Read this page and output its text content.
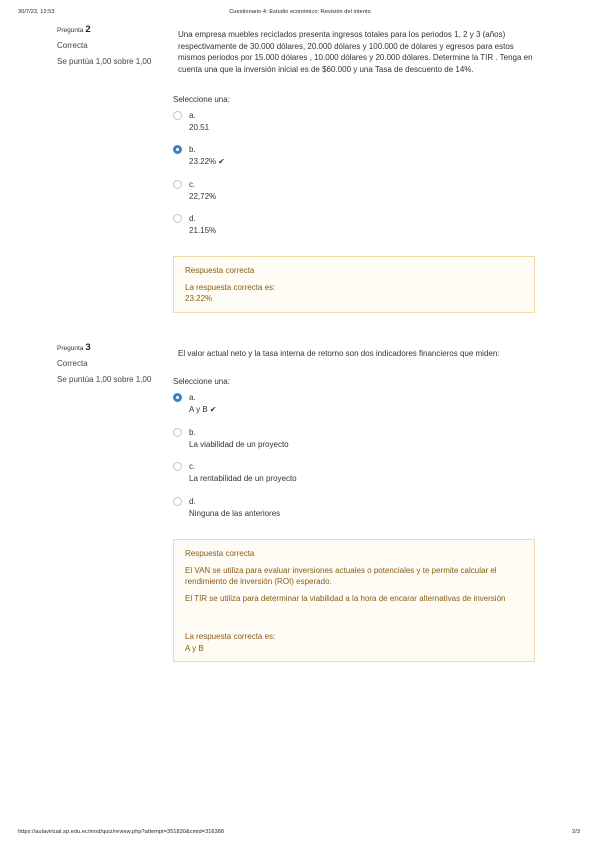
30/7/23, 12:53	Cuestionario 4: Estudio económico: Revisión del intento
https://aulavirtual.sp.edu.ec/mod/quiz/review.php?attempt=351830&cmid=316388	2/3
Pregunta 2
Correcta
Se puntúa 1,00 sobre 1,00
Una empresa muebles reciclados presenta ingresos totales para los periodos 1, 2 y 3 (años) respectivamente de 30.000 dólares, 20.000 dólares y 100.000 de dólares y egresos para estos mismos periodos por 15.000 dólares , 10.000 dólares y 20.000 dólares. Determine la TIR . Tenga en cuenta una que la inversión inicial es de $60.000 y una Tasa de descuento de 14%.
Seleccione una:
a.
20.51
b.
23.22% ✔
c.
22,72%
d.
21.15%
Respuesta correcta
La respuesta correcta es:
23.22%
Pregunta 3
Correcta
Se puntúa 1,00 sobre 1,00
El valor actual neto y la tasa interna de retorno son dos indicadores financieros que miden:
Seleccione una:
a.
A y B ✔
b.
La viabilidad de un proyecto
c.
La rentabilidad de un proyecto
d.
Ninguna de las anteriores
Respuesta correcta
El VAN se utiliza para evaluar inversiones actuales o potenciales y te permite calcular el rendimiento de inversión (ROI) esperado.
El TIR se utiliza para determinar la viabilidad a la hora de encarar alternativas de inversión
La respuesta correcta es:
A y B
